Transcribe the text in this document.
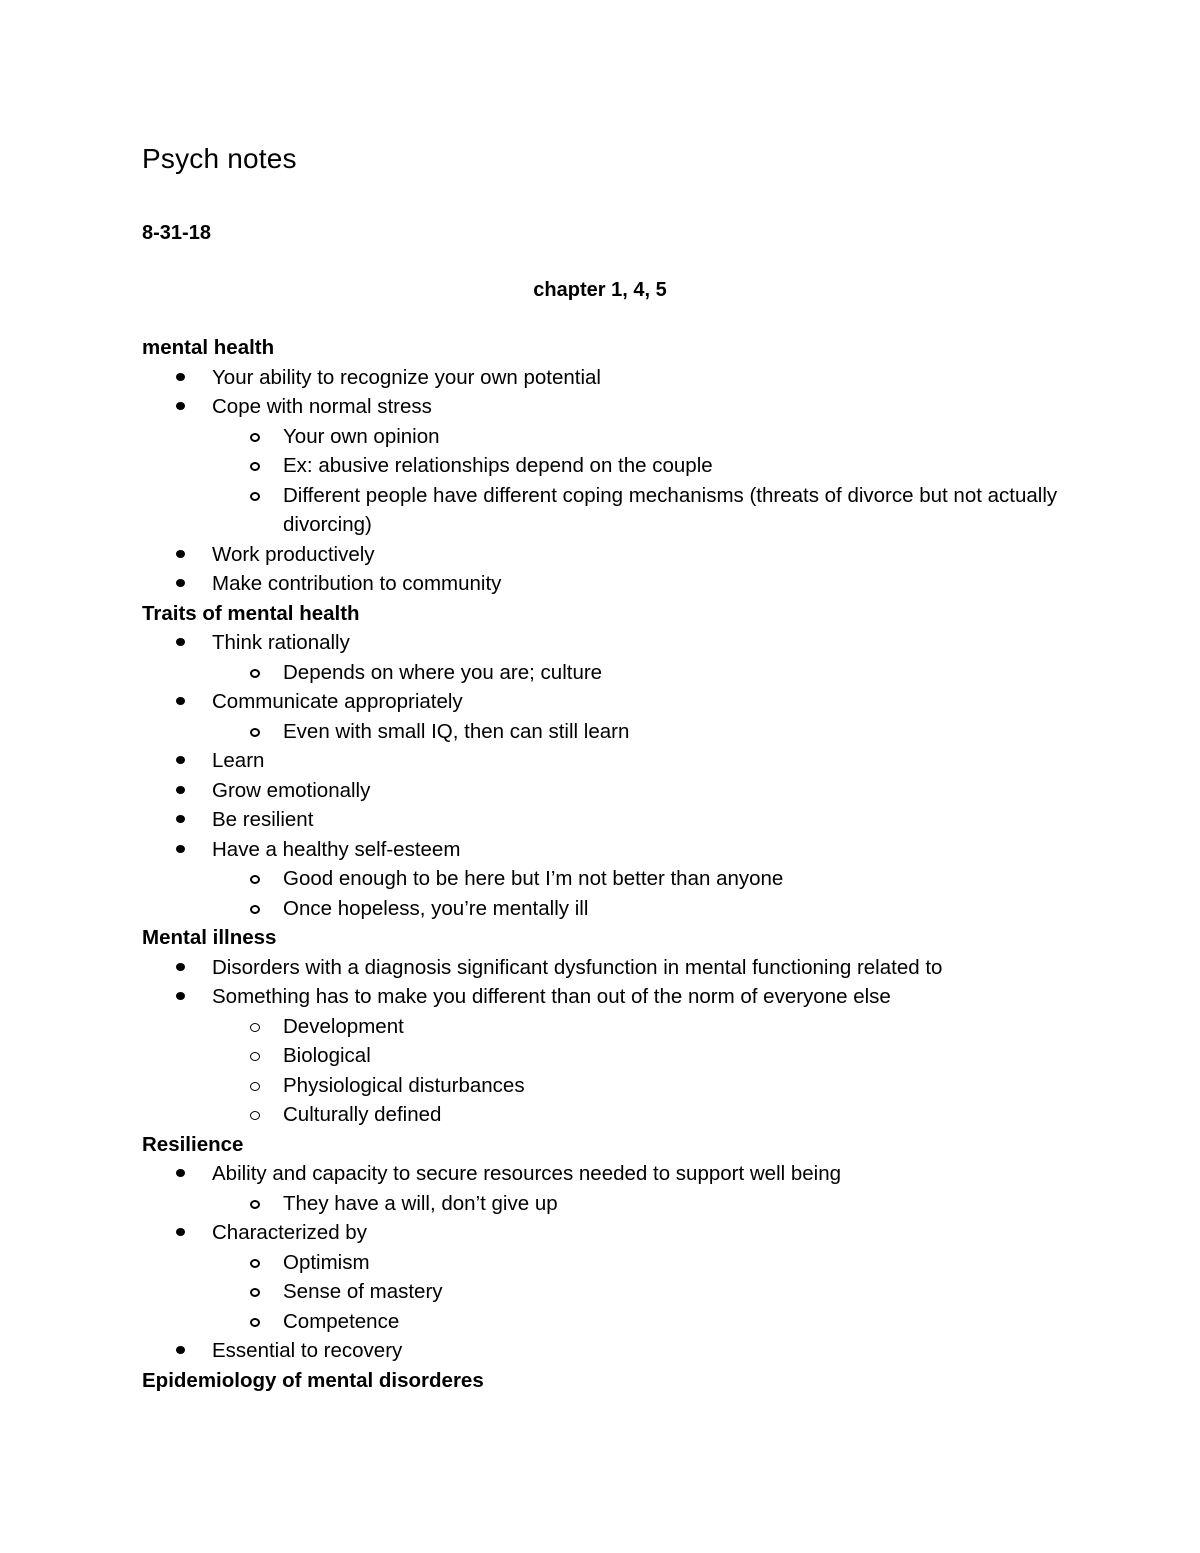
Psych notes

8-31-18

chapter 1, 4, 5

mental health

Your ability to recognize your own potential
Cope with normal stress
Your own opinion
Ex: abusive relationships depend on the couple
Different people have different coping mechanisms (threats of divorce but not actually divorcing)
Work productively
Make contribution to community

Traits of mental health

Think rationally
Depends on where you are; culture
Communicate appropriately
Even with small IQ, then can still learn
Learn
Grow emotionally
Be resilient
Have a healthy self-esteem
Good enough to be here but I’m not better than anyone
Once hopeless, you’re mentally ill

Mental illness

Disorders with a diagnosis significant dysfunction in mental functioning related to
Something has to make you different than out of the norm of everyone else
Development
Biological
Physiological disturbances
Culturally defined

Resilience

Ability and capacity to secure resources needed to support well being
They have a will, don’t give up
Characterized by
Optimism
Sense of mastery
Competence
Essential to recovery

Epidemiology of mental disorderes
